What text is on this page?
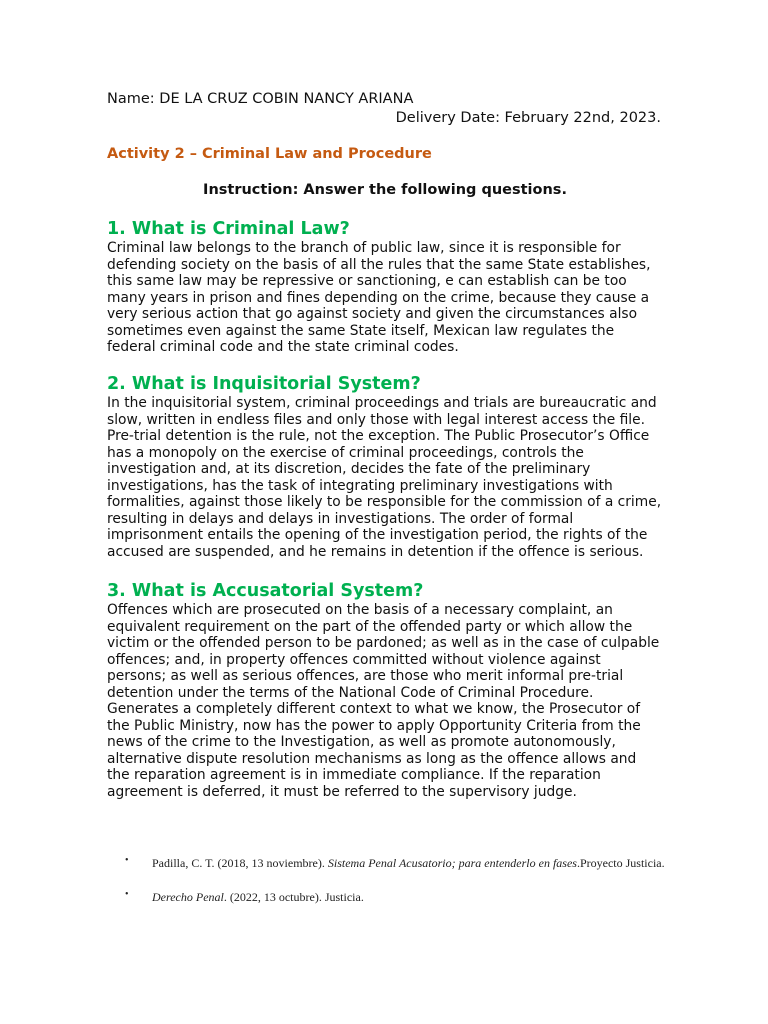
Name: DE LA CRUZ COBIN NANCY ARIANA
Delivery Date: February 22nd, 2023.
Activity 2 – Criminal Law and Procedure
Instruction: Answer the following questions.

1. What is Criminal Law?

Criminal law belongs to the branch of public law, since it is responsible for defending society on the basis of all the rules that the same State establishes, this same law may be repressive or sanctioning, e can establish can be too many years in prison and fines depending on the crime, because they cause a very serious action that go against society and given the circumstances also sometimes even against the same State itself, Mexican law regulates the federal criminal code and the state criminal codes.

2. What is Inquisitorial System?

In the inquisitorial system, criminal proceedings and trials are bureaucratic and slow, written in endless files and only those with legal interest access the file. Pre-trial detention is the rule, not the exception. The Public Prosecutor’s Office has a monopoly on the exercise of criminal proceedings, controls the investigation and, at its discretion, decides the fate of the preliminary investigations, has the task of integrating preliminary investigations with formalities, against those likely to be responsible for the commission of a crime, resulting in delays and delays in investigations. The order of formal imprisonment entails the opening of the investigation period, the rights of the accused are suspended, and he remains in detention if the offence is serious.

3. What is Accusatorial System?

Offences which are prosecuted on the basis of a necessary complaint, an equivalent requirement on the part of the offended party or which allow the victim or the offended person to be pardoned; as well as in the case of culpable offences; and, in property offences committed without violence against persons; as well as serious offences, are those who merit informal pre-trial detention under the terms of the National Code of Criminal Procedure. Generates a completely different context to what we know, the Prosecutor of the Public Ministry, now has the power to apply Opportunity Criteria from the news of the crime to the Investigation, as well as promote autonomously, alternative dispute resolution mechanisms as long as the offence allows and the reparation agreement is in immediate compliance. If the reparation agreement is deferred, it must be referred to the supervisory judge.

• Padilla, C. T. (2018, 13 noviembre). Sistema Penal Acusatorio; para entenderlo en fases.Proyecto Justicia.
• Derecho Penal. (2022, 13 octubre). Justicia.
